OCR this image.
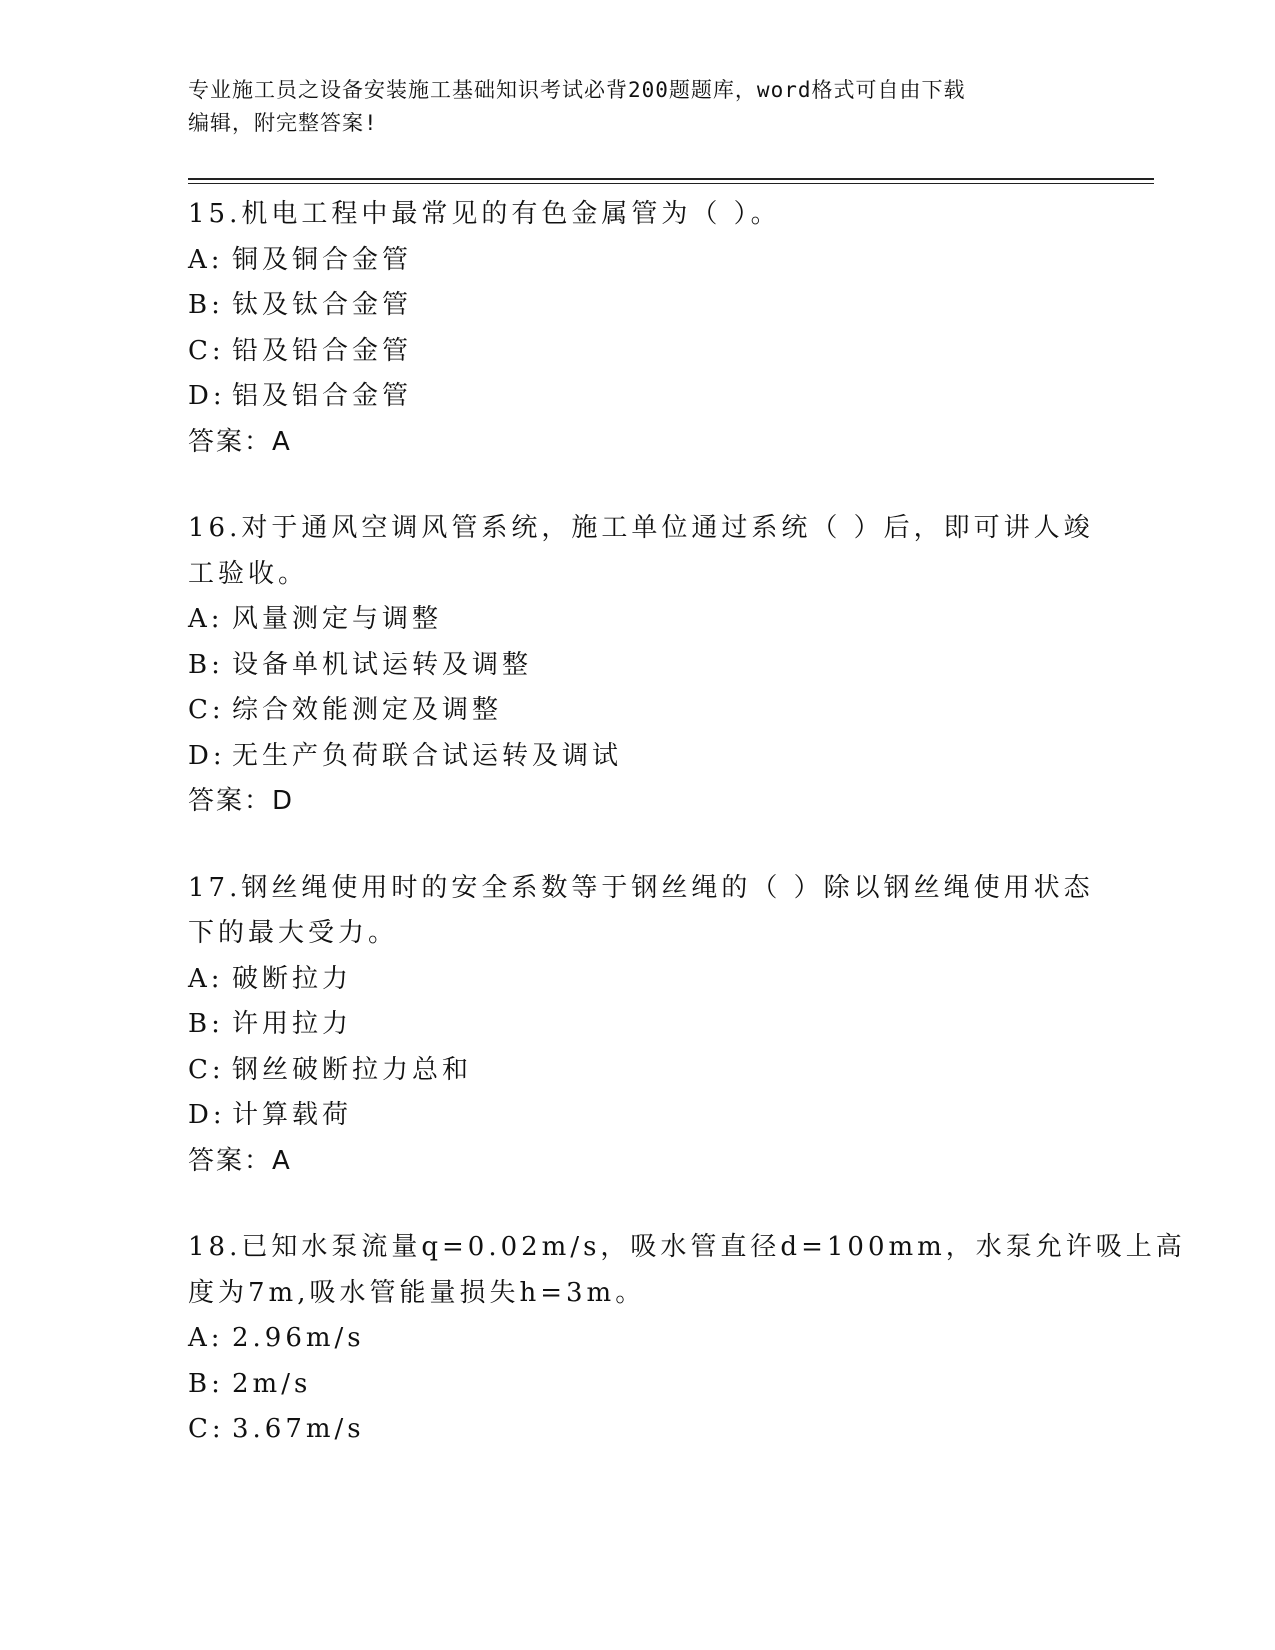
专业施工员之设备安装施工基础知识考试必背200题题库，word格式可自由下载
编辑，附完整答案!
15.机电工程中最常见的有色金属管为（ ）。
A: 铜及铜合金管
B: 钛及钛合金管
C: 铅及铅合金管
D: 铝及铝合金管
答案：A
16.对于通风空调风管系统，施工单位通过系统（ ）后，即可讲人竣
工验收。
A: 风量测定与调整
B: 设备单机试运转及调整
C: 综合效能测定及调整
D: 无生产负荷联合试运转及调试
答案：D
17.钢丝绳使用时的安全系数等于钢丝绳的（ ）除以钢丝绳使用状态
下的最大受力。
A: 破断拉力
B: 许用拉力
C: 钢丝破断拉力总和
D: 计算载荷
答案：A
18.已知水泵流量q=0.02m/s，吸水管直径d=100mm，水泵允许吸上高
度为7m,吸水管能量损失h=3m。
A: 2.96m/s
B: 2m/s
C: 3.67m/s
